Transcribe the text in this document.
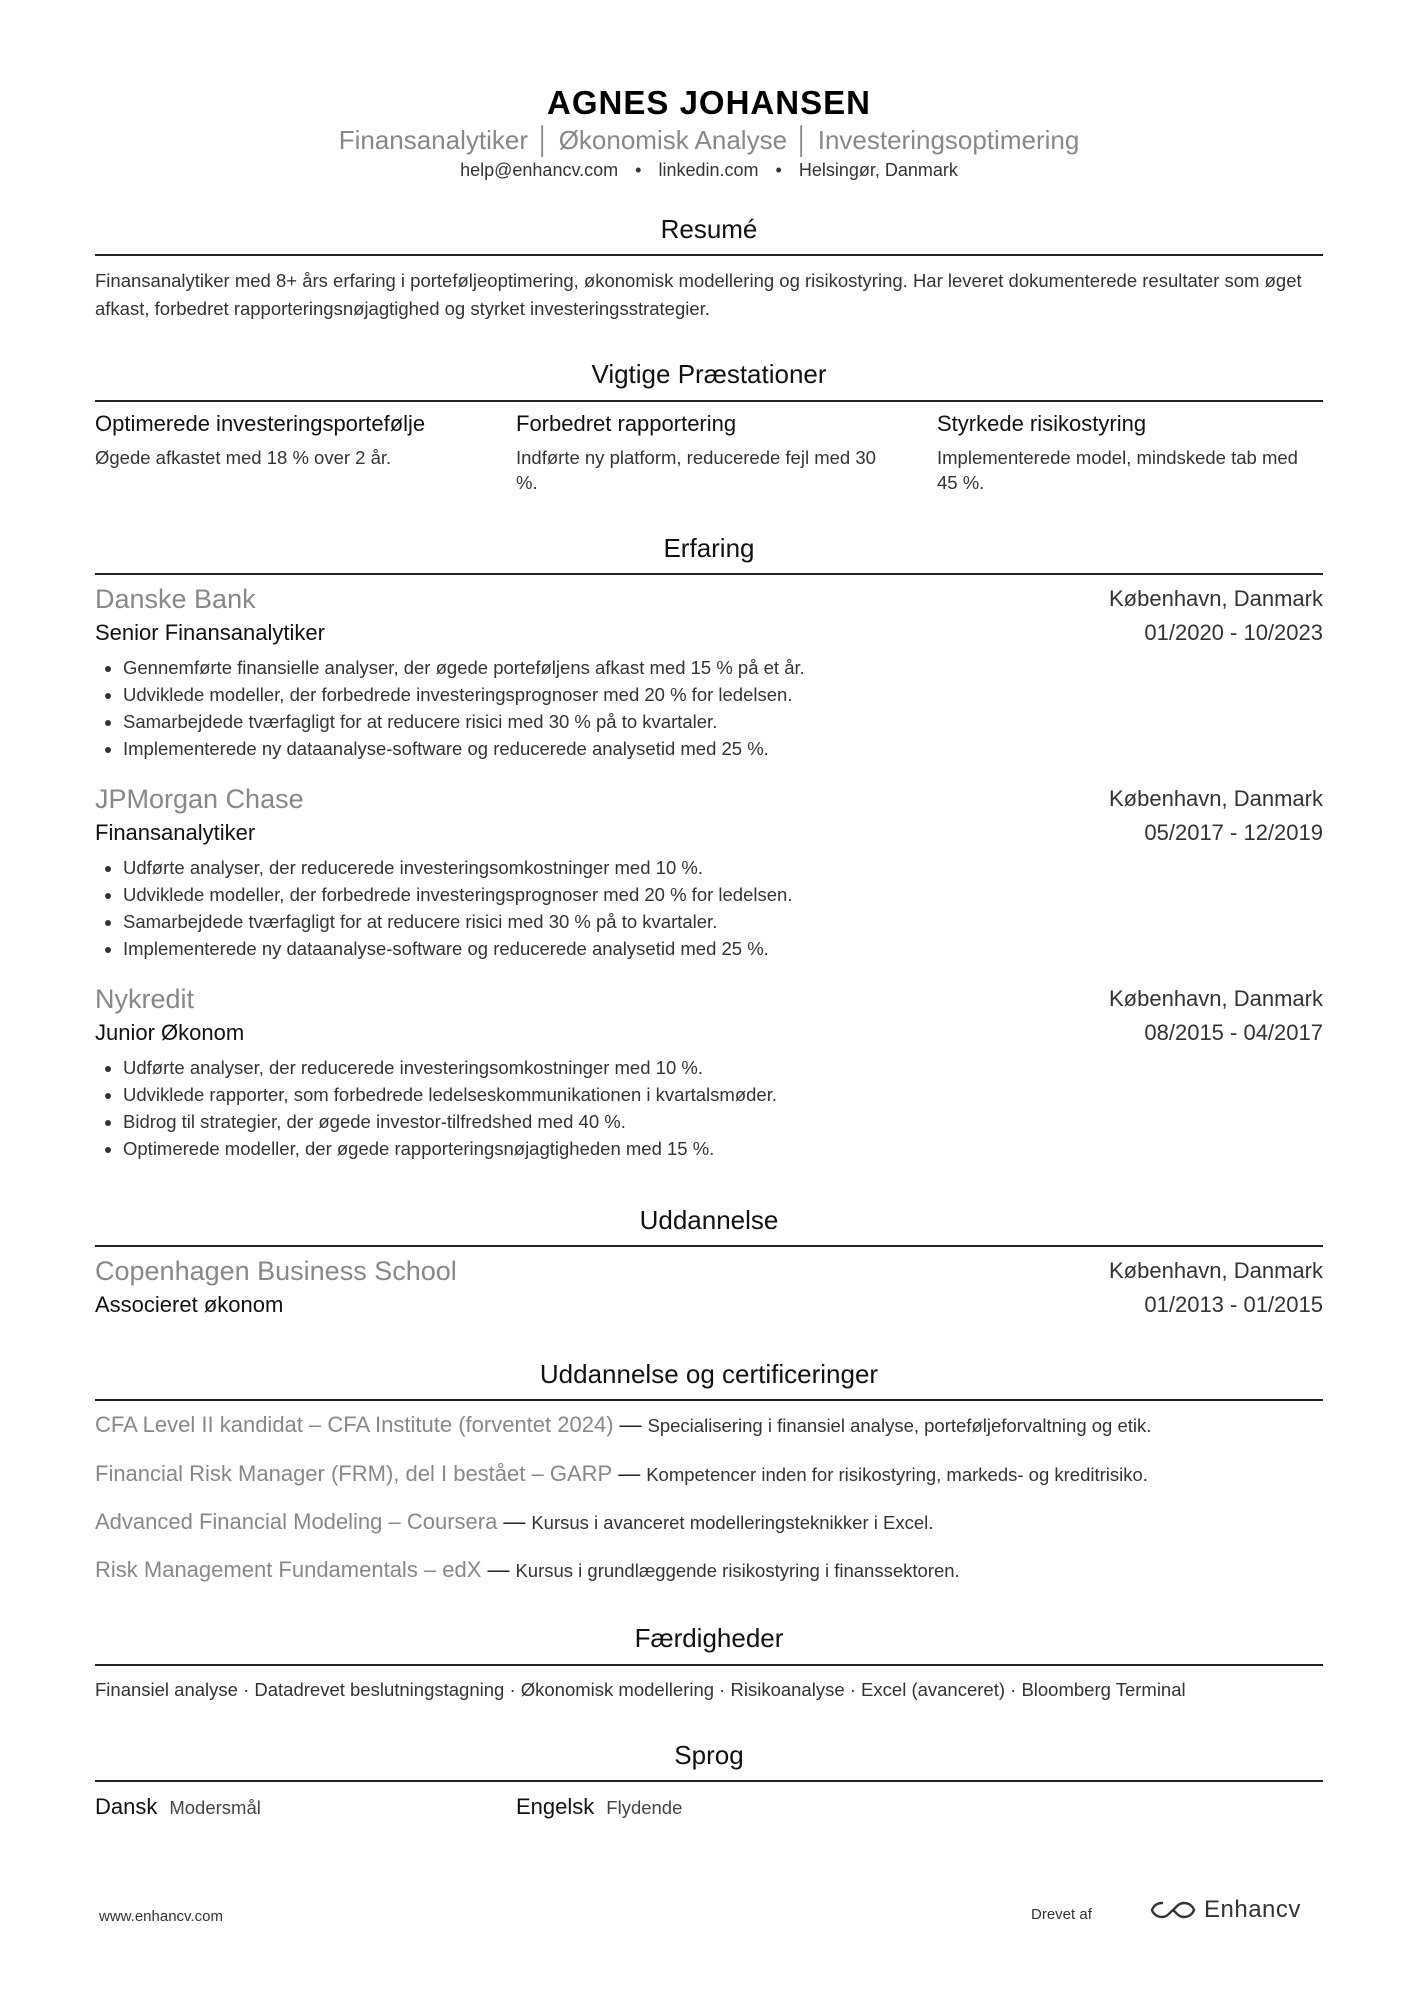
AGNES JOHANSEN
Finansanalytiker │ Økonomisk Analyse │ Investeringsoptimering
help@enhancv.com • linkedin.com • Helsingør, Danmark
Resumé
Finansanalytiker med 8+ års erfaring i porteføljeoptimering, økonomisk modellering og risikostyring. Har leveret dokumenterede resultater som øget afkast, forbedret rapporteringsnøjagtighed og styrket investeringsstrategier.
Vigtige Præstationer
Optimerede investeringsportefølje
Øgede afkastet med 18 % over 2 år.
Forbedret rapportering
Indførte ny platform, reducerede fejl med 30 %.
Styrkede risikostyring
Implementerede model, mindskede tab med 45 %.
Erfaring
Danske Bank	København, Danmark
Senior Finansanalytiker	01/2020 - 10/2023
• Gennemførte finansielle analyser, der øgede porteføljens afkast med 15 % på et år.
• Udviklede modeller, der forbedrede investeringsprognoser med 20 % for ledelsen.
• Samarbejdede tværfagligt for at reducere risici med 30 % på to kvartaler.
• Implementerede ny dataanalyse-software og reducerede analysetid med 25 %.
JPMorgan Chase	København, Danmark
Finansanalytiker	05/2017 - 12/2019
• Udførte analyser, der reducerede investeringsomkostninger med 10 %.
• Udviklede modeller, der forbedrede investeringsprognoser med 20 % for ledelsen.
• Samarbejdede tværfagligt for at reducere risici med 30 % på to kvartaler.
• Implementerede ny dataanalyse-software og reducerede analysetid med 25 %.
Nykredit	København, Danmark
Junior Økonom	08/2015 - 04/2017
• Udførte analyser, der reducerede investeringsomkostninger med 10 %.
• Udviklede rapporter, som forbedrede ledelseskommunikationen i kvartalsmøder.
• Bidrog til strategier, der øgede investor-tilfredshed med 40 %.
• Optimerede modeller, der øgede rapporteringsnøjagtigheden med 15 %.
Uddannelse
Copenhagen Business School	København, Danmark
Associeret økonom	01/2013 - 01/2015
Uddannelse og certificeringer
CFA Level II kandidat – CFA Institute (forventet 2024) — Specialisering i finansiel analyse, porteføljeforvaltning og etik.
Financial Risk Manager (FRM), del I bestået – GARP — Kompetencer inden for risikostyring, markeds- og kreditrisiko.
Advanced Financial Modeling – Coursera — Kursus i avanceret modelleringsteknikker i Excel.
Risk Management Fundamentals – edX — Kursus i grundlæggende risikostyring i finanssektoren.
Færdigheder
Finansiel analyse · Datadrevet beslutningstagning · Økonomisk modellering · Risikoanalyse · Excel (avanceret) · Bloomberg Terminal
Sprog
Dansk Modersmål	Engelsk Flydende
www.enhancv.com	Drevet af	Enhancv
